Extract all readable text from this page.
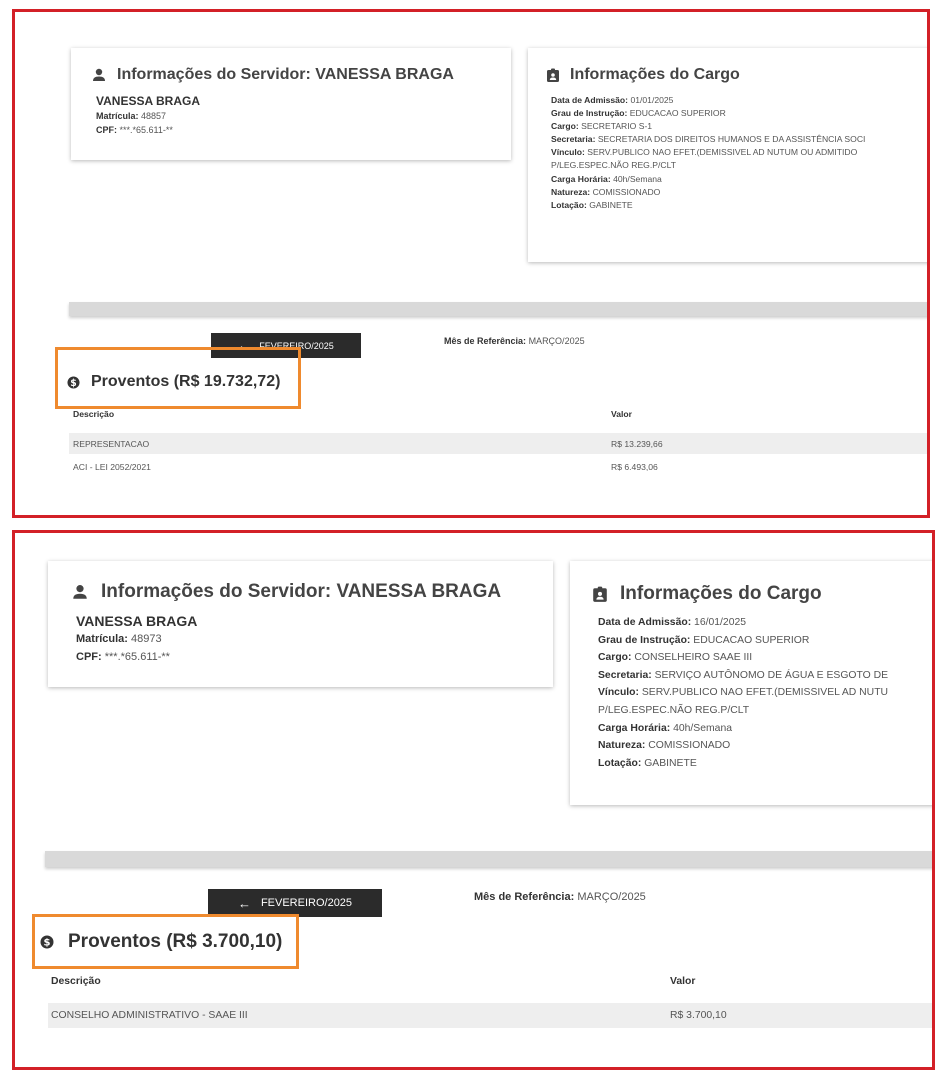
Informações do Servidor: VANESSA BRAGA
VANESSA BRAGA
Matrícula: 48857
CPF: ***.*65.611-**
Informações do Cargo
Data de Admissão: 01/01/2025
Grau de Instrução: EDUCACAO SUPERIOR
Cargo: SECRETARIO S-1
Secretaria: SECRETARIA DOS DIREITOS HUMANOS E DA ASSISTÊNCIA SOCI
Vínculo: SERV.PUBLICO NAO EFET.(DEMISSIVEL AD NUTUM OU ADMITIDO
P/LEG.ESPEC.NÃO REG.P/CLT
Carga Horária: 40h/Semana
Natureza: COMISSIONADO
Lotação: GABINETE
← FEVEREIRO/2025	Mês de Referência: MARÇO/2025
$ Proventos (R$ 19.732,72)
Descrição	Valor
REPRESENTACAO	R$ 13.239,66
ACI - LEI 2052/2021	R$ 6.493,06
Informações do Servidor: VANESSA BRAGA
VANESSA BRAGA
Matrícula: 48973
CPF: ***.*65.611-**
Informações do Cargo
Data de Admissão: 16/01/2025
Grau de Instrução: EDUCACAO SUPERIOR
Cargo: CONSELHEIRO SAAE III
Secretaria: SERVIÇO AUTÔNOMO DE ÁGUA E ESGOTO DE
Vínculo: SERV.PUBLICO NAO EFET.(DEMISSIVEL AD NUTU
P/LEG.ESPEC.NÃO REG.P/CLT
Carga Horária: 40h/Semana
Natureza: COMISSIONADO
Lotação: GABINETE
← FEVEREIRO/2025	Mês de Referência: MARÇO/2025
$ Proventos (R$ 3.700,10)
Descrição	Valor
CONSELHO ADMINISTRATIVO - SAAE III	R$ 3.700,10
